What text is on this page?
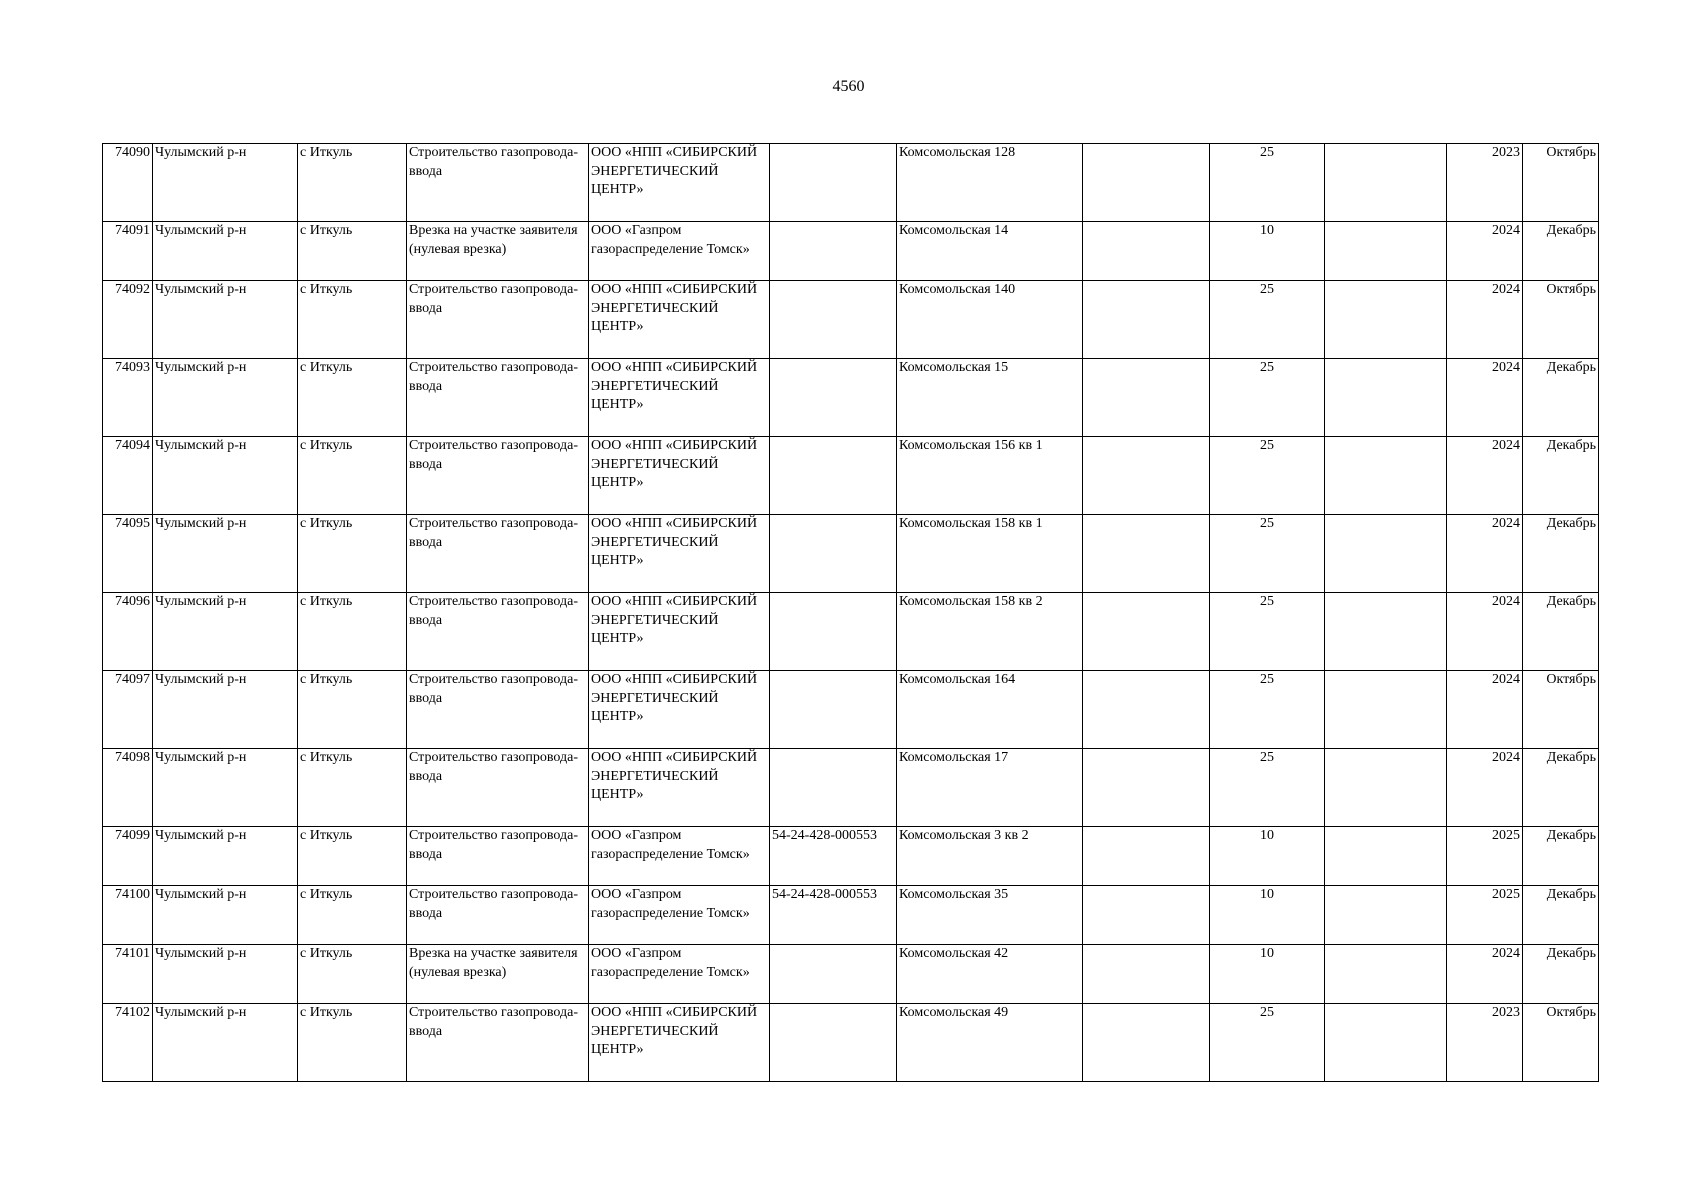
4560
74090	Чулымский р-н	с Иткуль	Строительство газопровода-ввода	ООО «НПП «СИБИРСКИЙ ЭНЕРГЕТИЧЕСКИЙ ЦЕНТР»		Комсомольская 128		25		2023	Октябрь
74091	Чулымский р-н	с Иткуль	Врезка на участке заявителя (нулевая врезка)	ООО «Газпром газораспределение Томск»		Комсомольская 14		10		2024	Декабрь
74092	Чулымский р-н	с Иткуль	Строительство газопровода-ввода	ООО «НПП «СИБИРСКИЙ ЭНЕРГЕТИЧЕСКИЙ ЦЕНТР»		Комсомольская 140		25		2024	Октябрь
74093	Чулымский р-н	с Иткуль	Строительство газопровода-ввода	ООО «НПП «СИБИРСКИЙ ЭНЕРГЕТИЧЕСКИЙ ЦЕНТР»		Комсомольская 15		25		2024	Декабрь
74094	Чулымский р-н	с Иткуль	Строительство газопровода-ввода	ООО «НПП «СИБИРСКИЙ ЭНЕРГЕТИЧЕСКИЙ ЦЕНТР»		Комсомольская 156 кв 1		25		2024	Декабрь
74095	Чулымский р-н	с Иткуль	Строительство газопровода-ввода	ООО «НПП «СИБИРСКИЙ ЭНЕРГЕТИЧЕСКИЙ ЦЕНТР»		Комсомольская 158 кв 1		25		2024	Декабрь
74096	Чулымский р-н	с Иткуль	Строительство газопровода-ввода	ООО «НПП «СИБИРСКИЙ ЭНЕРГЕТИЧЕСКИЙ ЦЕНТР»		Комсомольская 158 кв 2		25		2024	Декабрь
74097	Чулымский р-н	с Иткуль	Строительство газопровода-ввода	ООО «НПП «СИБИРСКИЙ ЭНЕРГЕТИЧЕСКИЙ ЦЕНТР»		Комсомольская 164		25		2024	Октябрь
74098	Чулымский р-н	с Иткуль	Строительство газопровода-ввода	ООО «НПП «СИБИРСКИЙ ЭНЕРГЕТИЧЕСКИЙ ЦЕНТР»		Комсомольская 17		25		2024	Декабрь
74099	Чулымский р-н	с Иткуль	Строительство газопровода-ввода	ООО «Газпром газораспределение Томск»	54-24-428-000553	Комсомольская 3 кв 2		10		2025	Декабрь
74100	Чулымский р-н	с Иткуль	Строительство газопровода-ввода	ООО «Газпром газораспределение Томск»	54-24-428-000553	Комсомольская 35		10		2025	Декабрь
74101	Чулымский р-н	с Иткуль	Врезка на участке заявителя (нулевая врезка)	ООО «Газпром газораспределение Томск»		Комсомольская 42		10		2024	Декабрь
74102	Чулымский р-н	с Иткуль	Строительство газопровода-ввода	ООО «НПП «СИБИРСКИЙ ЭНЕРГЕТИЧЕСКИЙ ЦЕНТР»		Комсомольская 49		25		2023	Октябрь
